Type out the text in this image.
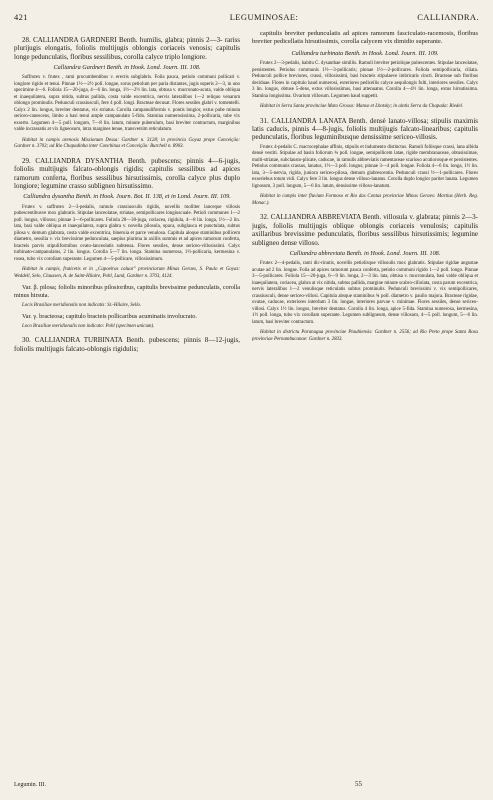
421	LEGUMINOSAE:	CALLIANDRA.

28. CALLIANDRA GARDNERI Benth. humilis, glabra; pinnis 2—3- rariss plurijugis elongatis, foliolis multijugis oblongis coriaceis venosis; capitulis longe pedunculatis, floribus sessilibus, corolla calyce triplo longiore.

Calliandra Gardneri Benth. in Hook. Lond. Journ. III. 108.

Suffrutex v. frutex , rami procumbentibus v. erectis subglabris. Folia pauca, petiolo communi pollicari v. longiore rigido et tenui. Pinnae 1½—2½ poll. longae, sorus petiolum per paria distantes, jugis superis 2—3, in uno specimine 4—6. Foliola 15—20-juga, 4—6 lin. longa, 1½—2½ lin. lata, obtusa v. mucronato-acuta, valde obliqua et inaequilatera, supra nitida, subtus pallida, costa valde excentrica, nervis lateralibus 1—2 reliquo venarum oblongo prominulis. Pedunculi crassiusculi, fere 4 poll. longi. Bracteae decusat. Flores sessiles glabri v. tomentelli. Calyx 2 lin. longus, breviter dentatus, vix striatus. Corolla campanuliformis v. pontis longior, extus pube minuta sericeo-canescens, limbo a basi tenui ample campanulato 5-fido. Stamina numerosissima, 2-pollicaria, tube vix exserto. Legumen 4—5 poll. longum, 7—8 lin. latum, minute puberulum, basi breviter contractum, marginibus valde incrassatis at vix ligneosum, intra margines tenue, transversim reticulatum.

Habitat in campis arenosis Missionum Dessa: Gardner n. 3128; in provincia Goyaz prope Conceição: Gardner n. 3703; ad Rio Chapadinha inter Conchinas et Conceição: Burchell n. 8903.

29. CALLIANDRA DYSANTHA Benth. pubescens; pinnis 4—6-jugis, foliolis multijugis falcato-oblongis rigidis; capitulis sessilibus ad apices ramorum conferta, floribus sessilibus hirsutissimis, corolla calyce plus duplo longiore; legumine crasso subligneo hirsutissimo.

Calliandra dysantha Benth. in Hook. Journ. Bot. II. 138, et in Lond. Journ. III. 109.

Frutex v. suffrutex 2—3-pedalis, ramulo crassiusculis rigidis, novellis molliter lanceque villosis pubescentibusve mox glabratis. Stipulae lanceolatae, striatae, semipollicares longiuscuale. Petioli communes 1—2 poll. longus, villosus; pinnae 3—6-pollicares. Foliola 20—30-juga, coriacea, rigidula, 4—8 lin. longa, 1½—2 lin. lata, basi valde obliqua et inaequilatera, supra glabra v. novella pilosula, opaca, subglauca et punctulata, subtus pilosa v. demum glabrata, costa valde excentrica, bineruia et parce venulosa. Capitula aloque staminibus pollicem diametro, sessilia v. vix brevissime pedunculata, saepius plurima in axillis summis et ad apices ramorum conferta, bracteis parvis stipuliformibus ovato-lanceolatis subtensa. Flores sessiles, dense sericeo-villosissimi. Calyx turbinato-campanulatus, 2 lin. longus. Corolla 5—7 lin. longa. Stamina numerosa, 1½-pollicaria, kermesina v. rosea, tubo vix corollam superante. Legumen 4—5-pollicare, villosissimum.

Habitat in campis, fruticetis et in „Capoeiras caluar" provinciarum Minas Geraes, S. Paulo et Goyaz: Weddell, Selo, Claussen, A. de Saint-Hilaire, Pohl, Lund, Gardner n. 3703, 4124.

Var. β. pilosa; foliolis minoribus pilosioribus, capitulis brevissime pedunculatis, corolla minus hirsuta.

Locis Brasiliae meridionalis non indicatis: St.-Hilaire, Sello.

Var. γ. bracteosa; capitulo bracteis pollicaribus acuminatis involucrato.

Loco Brasiliae meridionalis non indicato: Pohl (specimen unicum).

30. CALLIANDRA TURBINATA Benth. pubescens; pinnis 8—12-jugis, foliolis multijugis falcato-oblongis rigidulis;

capitulis breviter pedunculatis ad apices ramorum fasciculato-racemosis, floribus breviter pedicellatis hirsutissimis, corolla calycem vix dimidio superante.

Calliandra turbinata Benth. in Hook. Lond. Journ. III. 109.

Frutex 2—3-pedalis, habitu C. dysanthae simillis. Ramuli breviter petiolique pubescentes. Stipulae lanceolatae, persistentes. Petiolus communis 1½—3-pollicaris; pinnae 1½—2-pollicares. Foliola semipollicaria, ciliata. Pedunculi pollice breviores, crassi, villosissimi, basi bracteis stipulaeve imbricatis cincti. Bracteae sub floribus deciduae. Flores in capitulo haud numerosi, exteriores pedicellis calyce aequilongis fulti, interiores sessiles. Calyx 3 lin. longus, obtuse 5-dens, extus villosissimus, basi attenuatus. Corolla 4—4½ lin. longa, extus hirsutissima. Stamina longissima. Ovarium villosum. Legumen haud suppetit.

Habitat in Serra Santa provinciae Mato Grosso: Manso et Lhotsky; in aintis Serra da Chapada: Riedel.

31. CALLIANDRA LANATA Benth. densè lanato-villosa; stipulis maximis latis caducis, pinnis 4—8-jugis, foliolis multijugis falcato-linearibus; capitulis pedunculatis, floribus leguminibusque densissime sericeo-villosis.

Frutex 4-pedalis C. macrocephalae affinis, stipulis et indumento distinctus. Ramuli foliisque crassi, lana albida densè vestiti. Stipulae ad basin foliorum ¾ poll. longae, semipollicem latae, rigide membranaceae, obtusissimae, multi-striatae, subclausto-plicate, caducae, in ramulis abbreviatis ramentaceae scarioso acutiorosque et persistentes. Petiolus communis crassus, lanatus, 1½—3 poll. longus; pinnae 3—4 poll. longae. Foliola 4—6 lin. longa, 1½ lin. lata, 3—5-nervia, rigida, juniora sericeo-pilosa, demum glabrescentia. Pedunculi crassi ½—1-pollicares. Flores exseriebus totum vidi. Calyx fere 3 lin. longus dense villoso-lanatus. Corolla duplo longior pariter lanata. Legumen lignosum, 3 poll. longum, 5—6 lin. latum, densissime villoso-lanatum.

Habitat in campis inter fluvium Formoso et Rio das Contas provinciae Minas Geraes: Martius (Herb. Reg. Monac.).

32. CALLIANDRA ABBREVIATA Benth. villosula v. glabrata; pinnis 2—3-jugis, foliolis multijugis oblique oblongis coriaceis venulosis; capitulis axillaribus brevissime pedunculatis, floribus sessilibus hirsutissimis; legumine subligneo dense villoso.

Calliandra abbreviata Benth. in Hook. Lond. Journ. III. 108.

Frutex 2—4-pedalis, rami dic-rinutis, novellis petiolisque villosulis mox glabratis. Stipulae rigidae angustae acutae ad 2 lin. longae. Folia ad apices ramorum pauca conferta, petiolo communi rigido 1—2 poll. longo. Pinnae 3—5-pollicares. Foliola 15—20-juga, 6—9 lin. longa, 2—3 lin. lata, obtusa v. mucronulata, basi valde obliqua et inaequilatera, coriacea, glabra at vix nitida, subtus pallida, margine minute scabro-ciliolata, costa parum excentrica, nervis lateralibus 1—2 venulisque reticulatis subtus prominulis. Pedunculi brevissimi v. vix semipollicares, crassiusculi, dense sericeo-villosi. Capitula absque staminibus ¾ poll. diametro v. paullo majora. Bracteae rigidae, ovatae, caducae, exteriores interdum 3 lin. longae, interiores parvae v. minimae. Flores sessiles, dense sericeo-villosi. Calyx 1½ lin. longus, breviter dentatus. Corolla 4 lin. longa, apice 5-fida. Stamina numerosa, kermesina, 1½ poll. longa, tubo vix corollam superante. Legumen subligneum, dense villosum, 4—5 poll. longum, 5—6 lin. latum, basi breviter contractum.

Habitat in districtu Paranagua provinciae Piauhiensis: Gardner n. 2556; ad Rio Preto prope Santa Rosa provinciae Pernambucanae: Gardner n. 2833.

Legumin. III.	55
